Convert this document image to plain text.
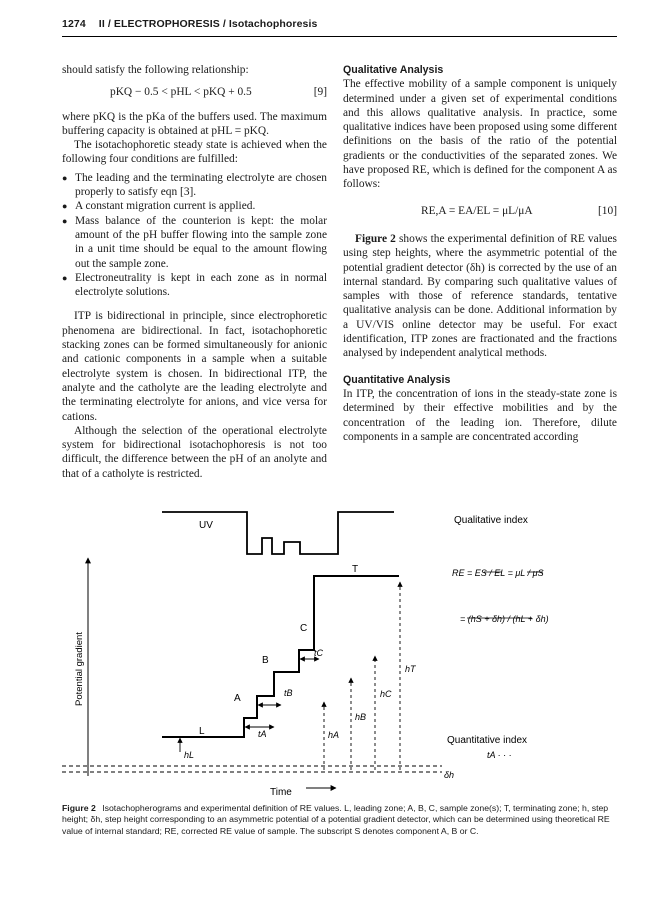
1274 II / ELECTROPHORESIS / Isotachophoresis

should satisfy the following relationship:

pKQ − 0.5 < pHL < pKQ + 0.5	[9]

where pKQ is the pKa of the buffers used. The maximum buffering capacity is obtained at pHL = pKQ.

The isotachophoretic steady state is achieved when the following four conditions are fulfilled:

● The leading and the terminating electrolyte are chosen properly to satisfy eqn [3].
● A constant migration current is applied.
● Mass balance of the counterion is kept: the molar amount of the pH buffer flowing into the sample zone in a unit time should be equal to the amount flowing out the sample zone.
● Electroneutrality is kept in each zone as in normal electrolyte solutions.

ITP is bidirectional in principle, since electrophoretic phenomena are bidirectional. In fact, isotachophoretic stacking zones can be formed simultaneously for anionic and cationic components in a sample when a suitable electrolyte system is chosen. In bidirectional ITP, the analyte and the catholyte are the leading electrolyte and the terminating electrolyte for anions, and vice versa for cations.

Although the selection of the operational electrolyte system for bidirectional isotachophoresis is not too difficult, the difference between the pH of an anolyte and that of a catholyte is restricted.

Qualitative Analysis

The effective mobility of a sample component is uniquely determined under a given set of experimental conditions and this allows qualitative analysis. In practice, some qualitative indices have been proposed using some different definitions on the basis of the ratio of the potential gradients or the conductivities of the separated zones. We have proposed RE, which is defined for the component A as follows:

RE,A = EA/EL = μL/μA	[10]

Figure 2 shows the experimental definition of RE values using step heights, where the asymmetric potential of the potential gradient detector (δh) is corrected by the use of an internal standard. By comparing such qualitative values of samples with those of reference standards, tentative qualitative analysis can be done. Additional information by a UV/VIS online detector may be useful. For exact identification, ITP zones are fractionated and the fractions analysed by independent analytical methods.

Quantitative Analysis

In ITP, the concentration of ions in the steady-state zone is determined by their effective mobilities and by the concentration of the leading ion. Therefore, dilute components in a sample are concentrated according

UV	Qualitative index
Quantitative index
tA · · ·
Time
Potential gradient
L
A
B
C
T
tA
tB
tC
hL
hA
hB
hC
hT
δh
RE = ES / EL = μL / μS
= (hS + δh) / (hL + δh)
Figure 2 Isotachopherograms and experimental definition of RE values. L, leading zone; A, B, C, sample zone(s); T, terminating zone; h, step height; δh, step height corresponding to an asymmetric potential of a potential gradient detector, which can be determined using theoretical RE value of internal standard; RE, corrected RE value of sample. The subscript S denotes component A, B or C.
